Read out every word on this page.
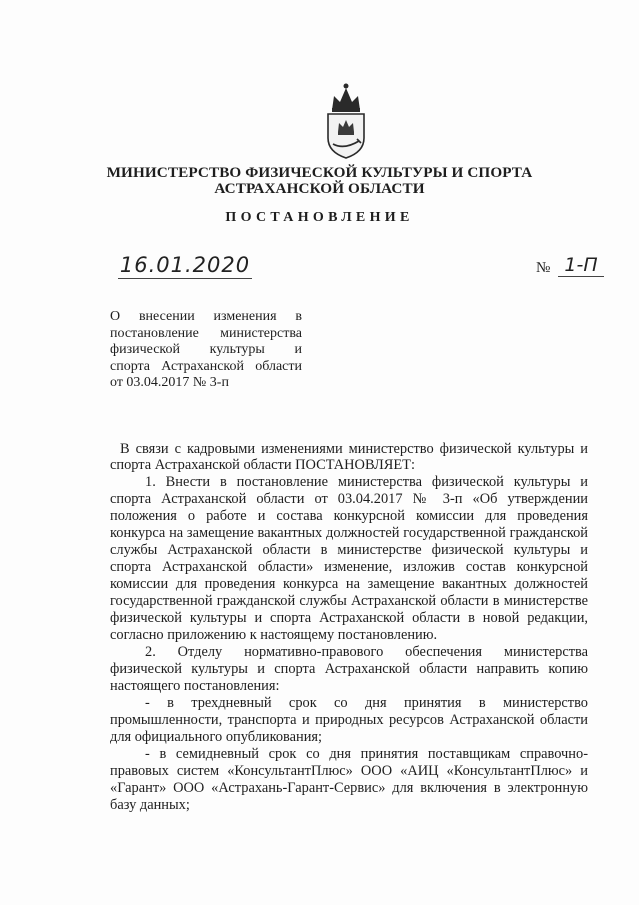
МИНИСТЕРСТВО ФИЗИЧЕСКОЙ КУЛЬТУРЫ И СПОРТА
АСТРАХАНСКОЙ ОБЛАСТИ
ПОСТАНОВЛЕНИЕ
16.01.2020	№ 1-П
О внесении изменения в
постановление министерства
физической культуры и
спорта Астраханской области
от 03.04.2017 № 3-п
В связи с кадровыми изменениями министерство физической культуры и
спорта Астраханской области ПОСТАНОВЛЯЕТ:
1. Внести в постановление министерства физической культуры и
спорта Астраханской области от 03.04.2017 № 3-п «Об утверждении
положения о работе и состава конкурсной комиссии для проведения
конкурса на замещение вакантных должностей государственной гражданской
службы Астраханской области в министерстве физической культуры и
спорта Астраханской области» изменение, изложив состав конкурсной
комиссии для проведения конкурса на замещение вакантных должностей
государственной гражданской службы Астраханской области в министерстве
физической культуры и спорта Астраханской области в новой редакции,
согласно приложению к настоящему постановлению.
2. Отделу нормативно-правового обеспечения министерства
физической культуры и спорта Астраханской области направить копию
настоящего постановления:
- в трехдневный срок со дня принятия в министерство
промышленности, транспорта и природных ресурсов Астраханской области
для официального опубликования;
- в семидневный срок со дня принятия поставщикам справочно-
правовых систем «КонсультантПлюс» ООО «АИЦ «КонсультантПлюс» и
«Гарант» ООО «Астрахань-Гарант-Сервис» для включения в электронную
базу данных;
